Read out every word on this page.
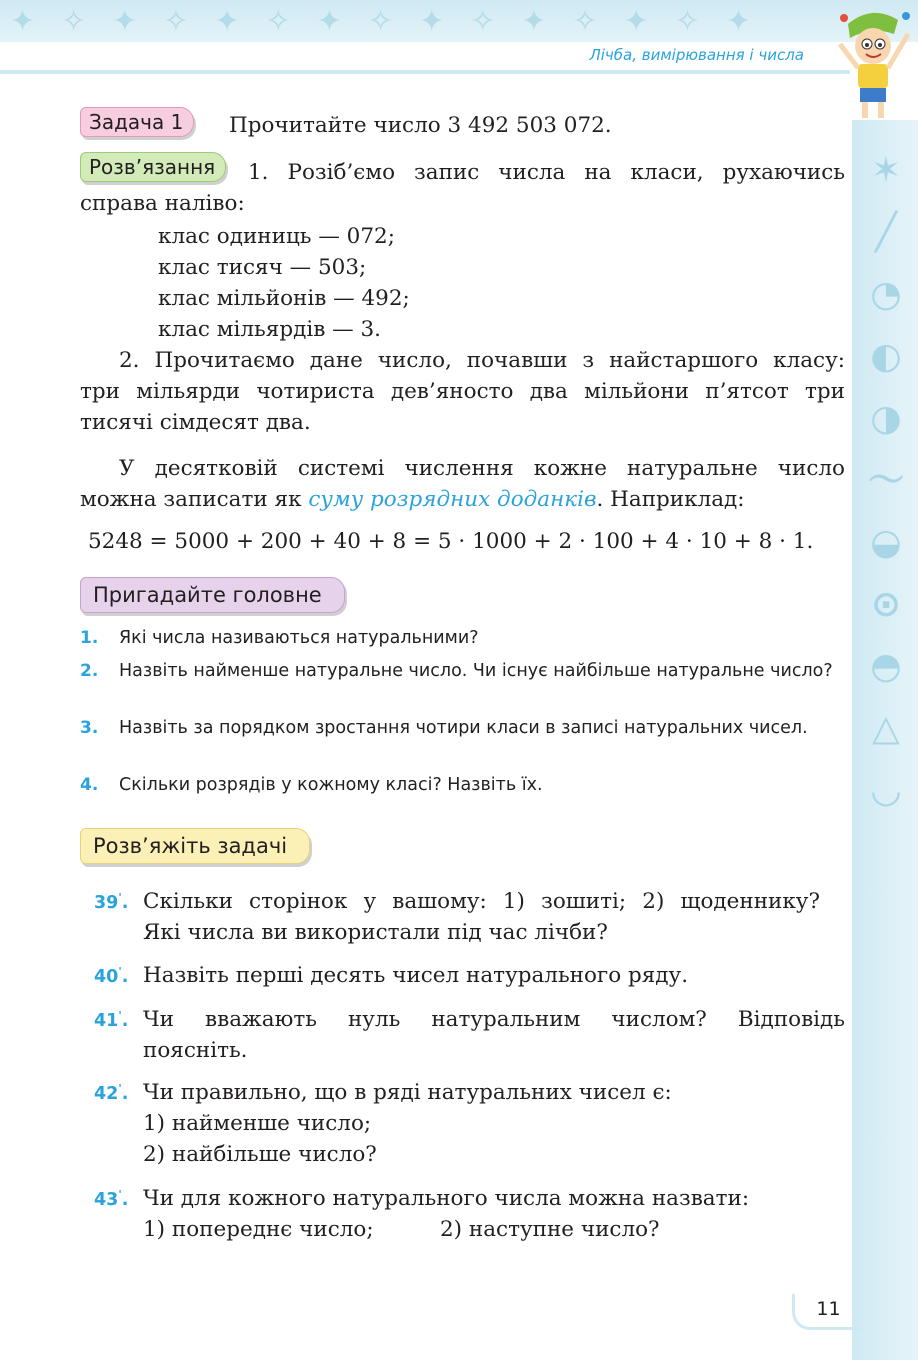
✦✧✦✧✦✧✦✧✦✧✦✧✦✧✦
Лічба, вимірювання і числа
✶
╱
◔
◐
◑
〜
◒
⊙
◓
△
◡
Задача 1	Прочитайте число 3 492 503 072.
Розв’язання	1. Розіб’ємо запис числа на класи, рухаючись
справа наліво:
клас одиниць — 072;
клас тисяч — 503;
клас мільйонів — 492;
клас мільярдів — 3.
2. Прочитаємо дане число, почавши з найстаршого класу:
три мільярди чотириста дев’яносто два мільйони п’ятсот три
тисячі сімдесят два.
У десятковій системі числення кожне натуральне число
можна записати як суму розрядних доданків. Наприклад:
5248 = 5000 + 200 + 40 + 8 = 5 · 1000 + 2 · 100 + 4 · 10 + 8 · 1.
Пригадайте головне
1. Які числа називаються натуральними?
2. Назвіть найменше натуральне число. Чи існує найбільше натуральне число?
3. Назвіть за порядком зростання чотири класи в записі натуральних чисел.
4. Скільки розрядів у кожному класі? Назвіть їх.
Розв’яжіть задачі
39'. Скільки сторінок у вашому: 1) зошиті; 2) щоденнику?
Які числа ви використали під час лічби?
40'. Назвіть перші десять чисел натурального ряду.
41'. Чи вважають нуль натуральним числом? Відповідь
поясніть.
42'. Чи правильно, що в ряді натуральних чисел є:
1) найменше число;
2) найбільше число?
43'. Чи для кожного натурального числа можна назвати:
1) попереднє число;	2) наступне число?
11
